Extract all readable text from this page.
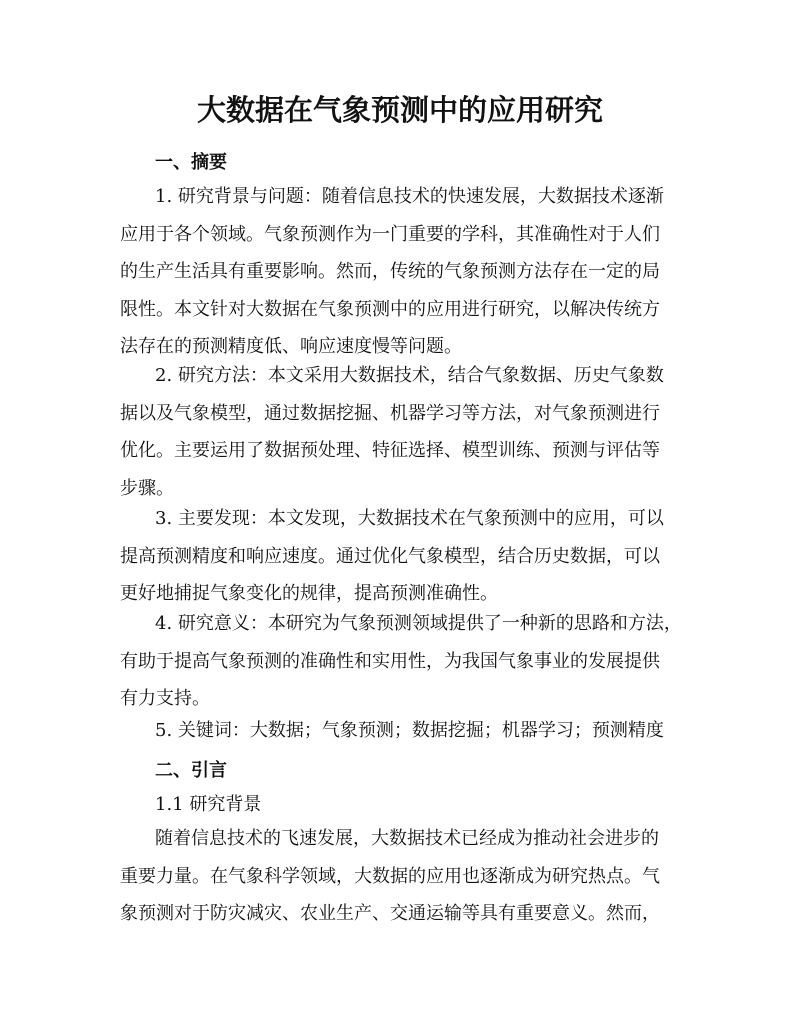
大数据在气象预测中的应用研究
一、摘要
1. 研究背景与问题：随着信息技术的快速发展，大数据技术逐渐
应用于各个领域。气象预测作为一门重要的学科，其准确性对于人们
的生产生活具有重要影响。然而，传统的气象预测方法存在一定的局
限性。本文针对大数据在气象预测中的应用进行研究，以解决传统方
法存在的预测精度低、响应速度慢等问题。
2. 研究方法：本文采用大数据技术，结合气象数据、历史气象数
据以及气象模型，通过数据挖掘、机器学习等方法，对气象预测进行
优化。主要运用了数据预处理、特征选择、模型训练、预测与评估等
步骤。
3. 主要发现：本文发现，大数据技术在气象预测中的应用，可以
提高预测精度和响应速度。通过优化气象模型，结合历史数据，可以
更好地捕捉气象变化的规律，提高预测准确性。
4. 研究意义：本研究为气象预测领域提供了一种新的思路和方法，
有助于提高气象预测的准确性和实用性，为我国气象事业的发展提供
有力支持。
5. 关键词：大数据；气象预测；数据挖掘；机器学习；预测精度
二、引言
1.1 研究背景
随着信息技术的飞速发展，大数据技术已经成为推动社会进步的
重要力量。在气象科学领域，大数据的应用也逐渐成为研究热点。气
象预测对于防灾减灾、农业生产、交通运输等具有重要意义。然而，
